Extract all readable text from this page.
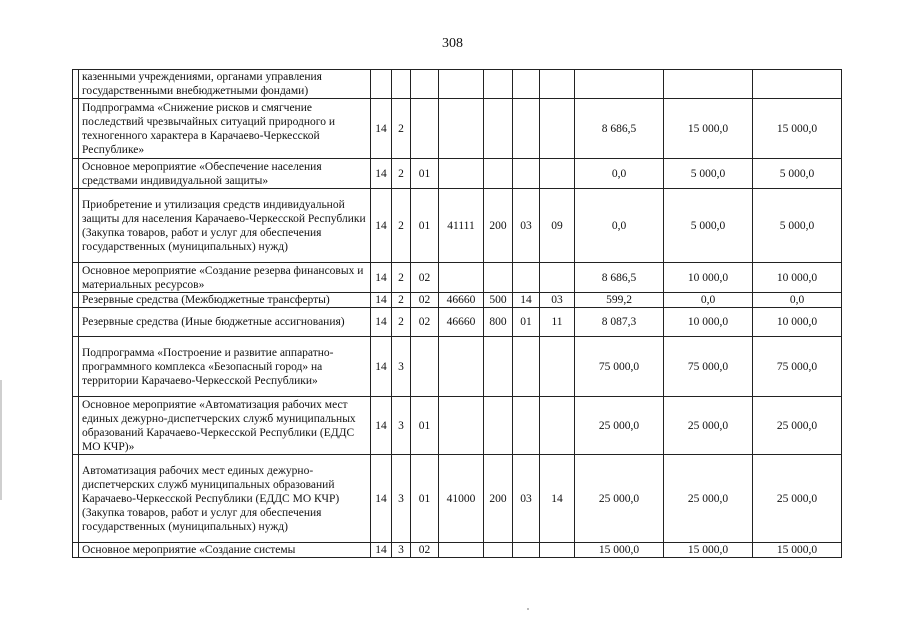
308
	казенными учреждениями, органами управления государственными внебюджетными фондами)										
	Подпрограмма «Снижение рисков и смягчение последствий чрезвычайных ситуаций природного и техногенного характера в Карачаево-Черкесской Республике»	14	2						8 686,5	15 000,0	15 000,0
	Основное мероприятие «Обеспечение населения средствами индивидуальной защиты»	14	2	01					0,0	5 000,0	5 000,0
	Приобретение и утилизация средств индивидуальной защиты для населения Карачаево-Черкесской Республики (Закупка товаров, работ и услуг для обеспечения государственных (муниципальных) нужд)	14	2	01	41111	200	03	09	0,0	5 000,0	5 000,0
	Основное мероприятие «Создание резерва финансовых и материальных ресурсов»	14	2	02					8 686,5	10 000,0	10 000,0
	Резервные средства (Межбюджетные трансферты)	14	2	02	46660	500	14	03	599,2	0,0	0,0
	Резервные средства (Иные бюджетные ассигнования)	14	2	02	46660	800	01	11	8 087,3	10 000,0	10 000,0
	Подпрограмма «Построение и развитие аппаратно-программного комплекса «Безопасный город» на территории Карачаево-Черкесской Республики»	14	3						75 000,0	75 000,0	75 000,0
	Основное мероприятие «Автоматизация рабочих мест единых дежурно-диспетчерских служб муниципальных образований Карачаево-Черкесской Республики (ЕДДС МО КЧР)»	14	3	01					25 000,0	25 000,0	25 000,0
	Автоматизация рабочих мест единых дежурно-диспетчерских служб муниципальных образований Карачаево-Черкесской Республики (ЕДДС МО КЧР) (Закупка товаров, работ и услуг для обеспечения государственных (муниципальных) нужд)	14	3	01	41000	200	03	14	25 000,0	25 000,0	25 000,0
	Основное мероприятие «Создание системы	14	3	02					15 000,0	15 000,0	15 000,0
